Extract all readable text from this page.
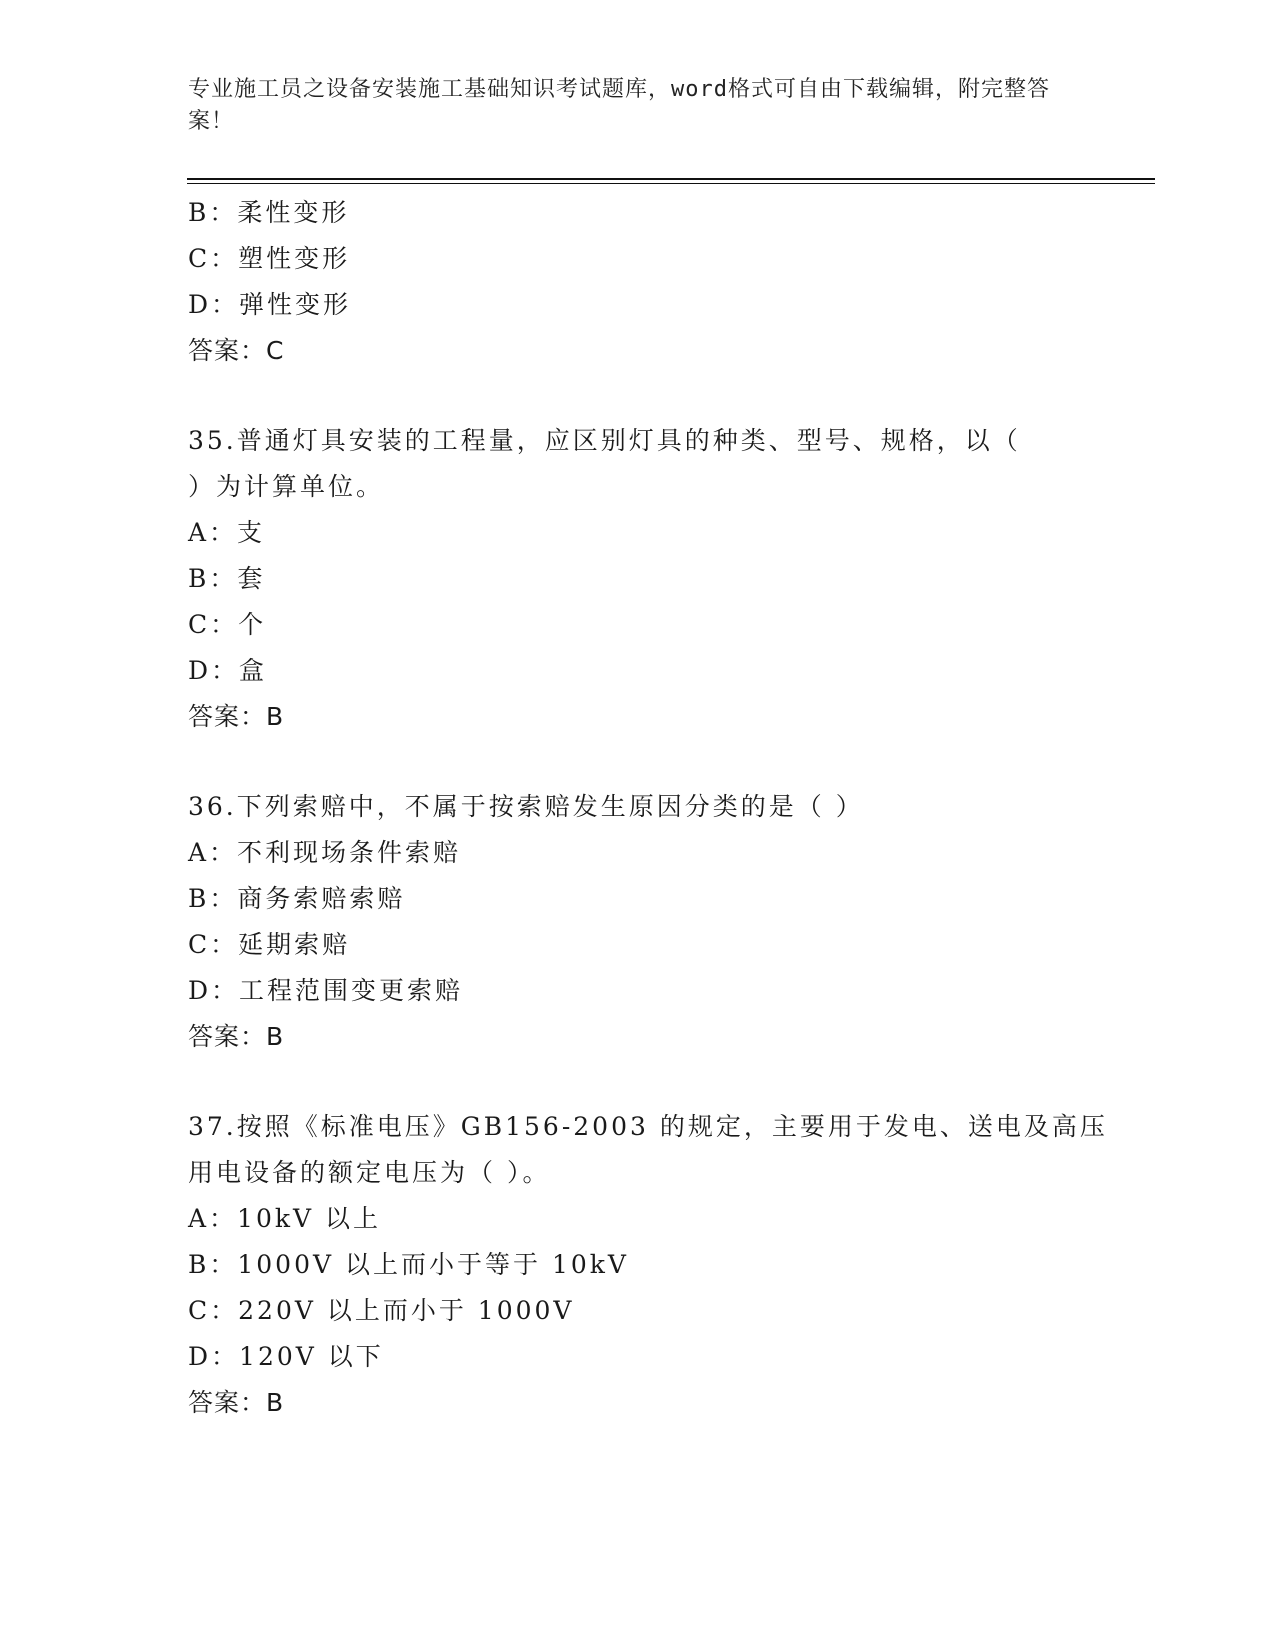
专业施工员之设备安装施工基础知识考试题库，word格式可自由下载编辑，附完整答案！
B：柔性变形
C：塑性变形
D：弹性变形
答案：C
35.普通灯具安装的工程量，应区别灯具的种类、型号、规格，以（
）为计算单位。
A：支
B：套
C：个
D：盒
答案：B
36.下列索赔中，不属于按索赔发生原因分类的是（ ）
A：不利现场条件索赔
B：商务索赔索赔
C：延期索赔
D：工程范围变更索赔
答案：B
37.按照《标准电压》GB156-2003 的规定，主要用于发电、送电及高压
用电设备的额定电压为（ ）。
A：10kV 以上
B：1000V 以上而小于等于 10kV
C：220V 以上而小于 1000V
D：120V 以下
答案：B
